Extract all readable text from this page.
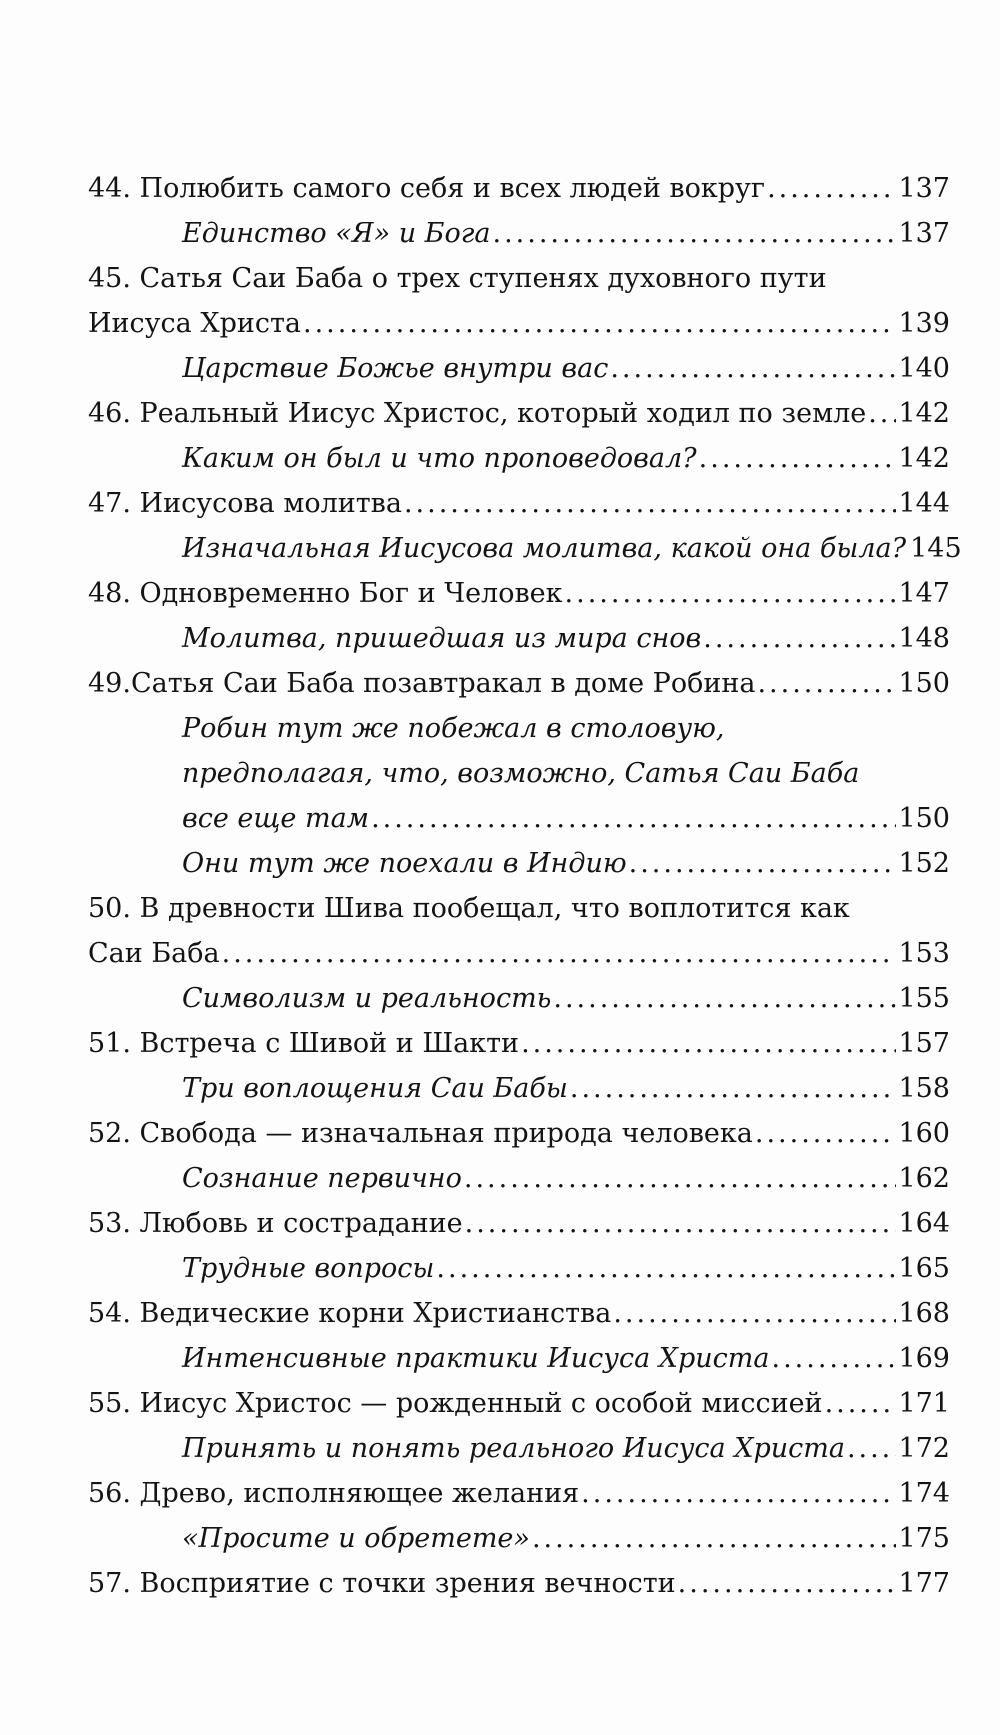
44. Полюбить самого себя и всех людей вокруг .....	137
Единство «Я» и Бога .....	137
45. Сатья Саи Баба о трех ступенях духовного пути
Иисуса Христа .....	139
Царствие Божье внутри вас .....	140
46. Реальный Иисус Христос, который ходил по земле ..... 142
Каким он был и что проповедовал? .....	142
47. Иисусова молитва .....	144
Изначальная Иисусова молитва, какой она была? 145
48. Одновременно Бог и Человек .....	147
Молитва, пришедшая из мира снов .....	148
49.Сатья Саи Баба позавтракал в доме Робина .....	150
Робин тут же побежал в столовую,
предполагая, что, возможно, Сатья Саи Баба
все еще там .....	150
Они тут же поехали в Индию .....	152
50. В древности Шива пообещал, что воплотится как
Саи Баба .....	153
Символизм и реальность .....	155
51. Встреча с Шивой и Шакти .....	157
Три воплощения Саи Бабы .....	158
52. Свобода — изначальная природа человека .....	160
Сознание первично .....	162
53. Любовь и сострадание .....	164
Трудные вопросы .....	165
54. Ведические корни Христианства .....	168
Интенсивные практики Иисуса Христа .....	169
55. Иисус Христос — рожденный с особой миссией .....	171
Принять и понять реального Иисуса Христа ..... 172
56. Древо, исполняющее желания .....	174
«Просите и обретете» .....	175
57. Восприятие с точки зрения вечности .....	177
